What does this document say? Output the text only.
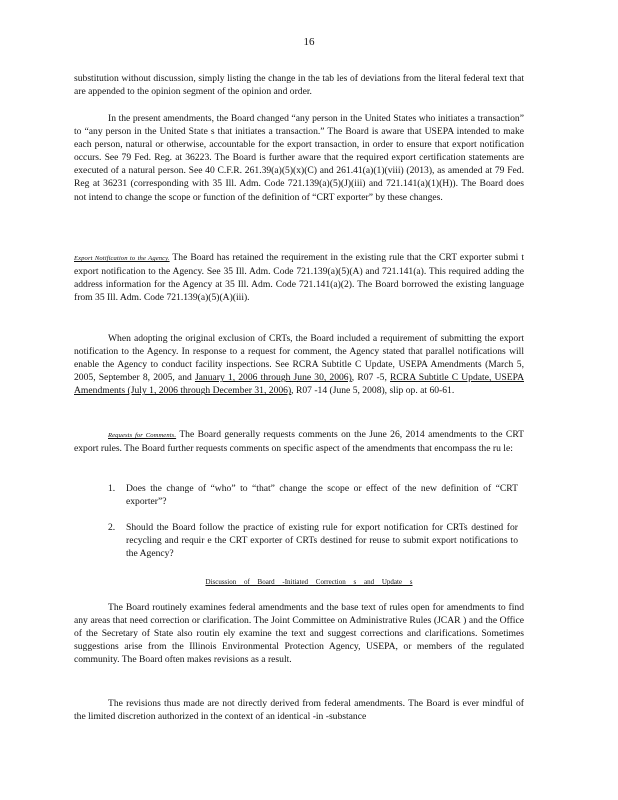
16

substitution without discussion, simply listing the change in the tab les of deviations from the literal federal text that are appended to the opinion segment of the opinion and order.

In the present amendments, the Board changed “any person in the United States who initiates a transaction” to “any person in the United State s that initiates a transaction.” The Board is aware that USEPA intended to make each person, natural or otherwise, accountable for the export transaction, in order to ensure that export notification occurs. See 79 Fed. Reg. at 36223. The Board is further aware that the required export certification statements are executed of a natural person. See 40 C.F.R. 261.39(a)(5)(x)(C) and 261.41(a)(1)(viii) (2013), as amended at 79 Fed. Reg at 36231 (corresponding with 35 Ill. Adm. Code 721.139(a)(5)(J)(iii) and 721.141(a)(1)(H)). The Board does not intend to change the scope or function of the definition of “CRT exporter” by these changes.

Export Notification to the Agency. The Board has retained the requirement in the existing rule that the CRT exporter submi t export notification to the Agency. See 35 Ill. Adm. Code 721.139(a)(5)(A) and 721.141(a). This required adding the address information for the Agency at 35 Ill. Adm. Code 721.141(a)(2). The Board borrowed the existing language from 35 Ill. Adm. Code 721.139(a)(5)(A)(iii).

When adopting the original exclusion of CRTs, the Board included a requirement of submitting the export notification to the Agency. In response to a request for comment, the Agency stated that parallel notifications will enable the Agency to conduct facility inspections. See RCRA Subtitle C Update, USEPA Amendments (March 5, 2005, September 8, 2005, and January 1, 2006 through June 30, 2006), R07 -5, RCRA Subtitle C Update, USEPA Amendments (July 1, 2006 through December 31, 2006), R07 -14 (June 5, 2008), slip op. at 60-61.

Requests for Comments. The Board generally requests comments on the June 26, 2014 amendments to the CRT export rules. The Board further requests comments on specific aspect of the amendments that encompass the ru le:

1. Does the change of “who” to “that” change the scope or effect of the new definition of “CRT exporter”?
2. Should the Board follow the practice of existing rule for export notification for CRTs destined for recycling and requir e the CRT exporter of CRTs destined for reuse to submit export notifications to the Agency?
Discussion of Board -Initiated Correction s and Update s

The Board routinely examines federal amendments and the base text of rules open for amendments to find any areas that need correction or clarification. The Joint Committee on Administrative Rules (JCAR ) and the Office of the Secretary of State also routin ely examine the text and suggest corrections and clarifications. Sometimes suggestions arise from the Illinois Environmental Protection Agency, USEPA, or members of the regulated community. The Board often makes revisions as a result.

The revisions thus made are not directly derived from federal amendments. The Board is ever mindful of the limited discretion authorized in the context of an identical -in -substance
